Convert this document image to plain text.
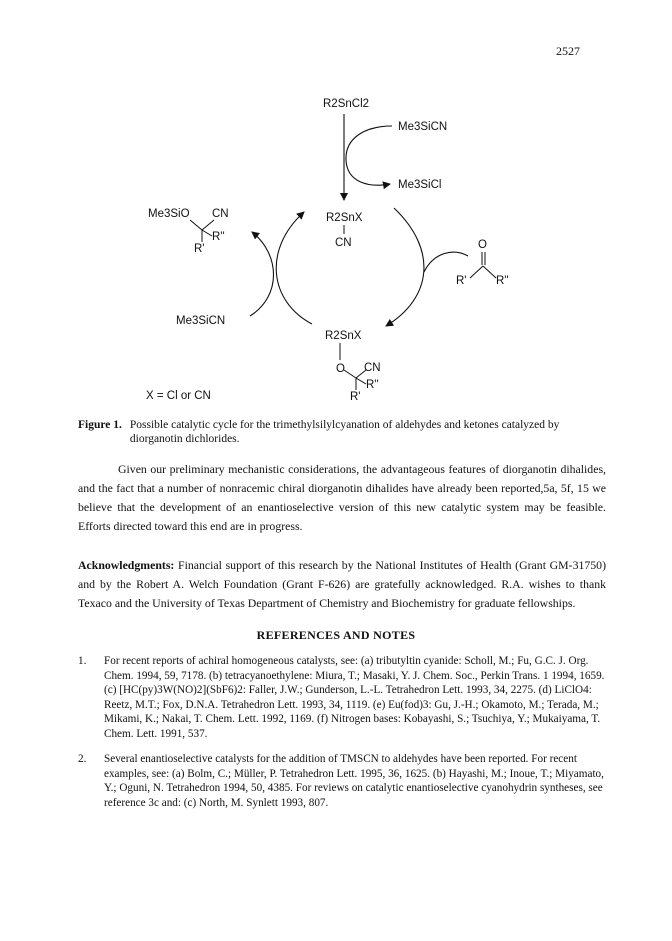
2527
R2SnCl2
Me3SiCN
Me3SiCl
R2SnX
CN	O
R'	R''
R2SnX
O CN
R''
R'
Me3SiCN
Me3SiO CN
R''
R'
X = Cl or CN
Figure 1. Possible catalytic cycle for the trimethylsilylcyanation of aldehydes and ketones catalyzed by diorganotin dichlorides.
Given our preliminary mechanistic considerations, the advantageous features of diorganotin dihalides, and the fact that a number of nonracemic chiral diorganotin dihalides have already been reported,5a, 5f, 15 we believe that the development of an enantioselective version of this new catalytic system may be feasible. Efforts directed toward this end are in progress.
Acknowledgments: Financial support of this research by the National Institutes of Health (Grant GM-31750) and by the Robert A. Welch Foundation (Grant F-626) are gratefully acknowledged. R.A. wishes to thank Texaco and the University of Texas Department of Chemistry and Biochemistry for graduate fellowships.
REFERENCES AND NOTES
1. For recent reports of achiral homogeneous catalysts, see: (a) tributyltin cyanide: Scholl, M.; Fu, G.C. J. Org. Chem. 1994, 59, 7178. (b) tetracyanoethylene: Miura, T.; Masaki, Y. J. Chem. Soc., Perkin Trans. 1 1994, 1659. (c) [HC(py)3W(NO)2](SbF6)2: Faller, J.W.; Gunderson, L.-L. Tetrahedron Lett. 1993, 34, 2275. (d) LiClO4: Reetz, M.T.; Fox, D.N.A. Tetrahedron Lett. 1993, 34, 1119. (e) Eu(fod)3: Gu, J.-H.; Okamoto, M.; Terada, M.; Mikami, K.; Nakai, T. Chem. Lett. 1992, 1169. (f) Nitrogen bases: Kobayashi, S.; Tsuchiya, Y.; Mukaiyama, T. Chem. Lett. 1991, 537.
2. Several enantioselective catalysts for the addition of TMSCN to aldehydes have been reported. For recent examples, see: (a) Bolm, C.; Müller, P. Tetrahedron Lett. 1995, 36, 1625. (b) Hayashi, M.; Inoue, T.; Miyamato, Y.; Oguni, N. Tetrahedron 1994, 50, 4385. For reviews on catalytic enantioselective cyanohydrin syntheses, see reference 3c and: (c) North, M. Synlett 1993, 807.
